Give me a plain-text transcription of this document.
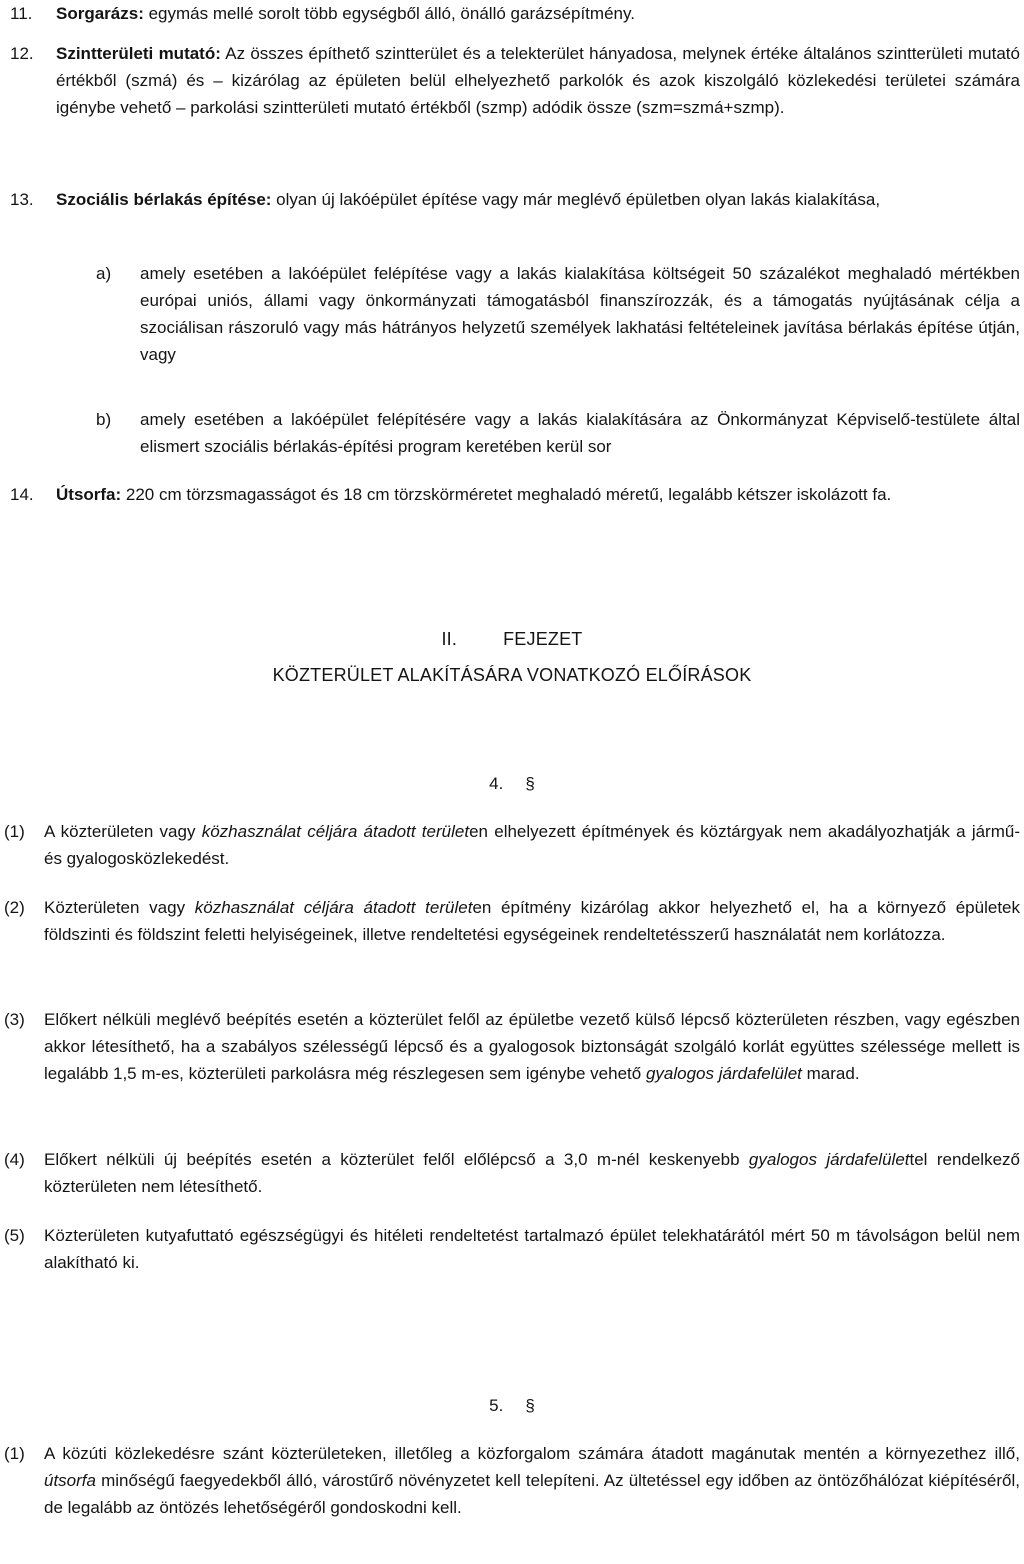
11. Sorgarázs: egymás mellé sorolt több egységből álló, önálló garázsépítmény.
12. Szintterületi mutató: Az összes építhető szintterület és a telekterület hányadosa, melynek értéke általános szintterületi mutató értékből (szmá) és – kizárólag az épületen belül elhelyezhető parkolók és azok kiszolgáló közlekedési területei számára igénybe vehető – parkolási szintterületi mutató értékből (szmp) adódik össze (szm=szmá+szmp).
13. Szociális bérlakás építése: olyan új lakóépület építése vagy már meglévő épületben olyan lakás kialakítása,
a) amely esetében a lakóépület felépítése vagy a lakás kialakítása költségeit 50 százalékot meghaladó mértékben európai uniós, állami vagy önkormányzati támogatásból finanszírozzák, és a támogatás nyújtásának célja a szociálisan rászoruló vagy más hátrányos helyzetű személyek lakhatási feltételeinek javítása bérlakás építése útján, vagy
b) amely esetében a lakóépület felépítésére vagy a lakás kialakítására az Önkormányzat Képviselő-testülete által elismert szociális bérlakás-építési program keretében kerül sor
14. Útsorfa: 220 cm törzsmagasságot és 18 cm törzskörméretet meghaladó méretű, legalább kétszer iskolázott fa.
II.	FEJEZET
KÖZTERÜLET ALAKÍTÁSÁRA VONATKOZÓ ELŐÍRÁSOK
4. §
(1) A közterületen vagy közhasználat céljára átadott területen elhelyezett építmények és köztárgyak nem akadályozhatják a jármű- és gyalogosközlekedést.
(2) Közterületen vagy közhasználat céljára átadott területen építmény kizárólag akkor helyezhető el, ha a környező épületek földszinti és földszint feletti helyiségeinek, illetve rendeltetési egységeinek rendeltetésszerű használatát nem korlátozza.
(3) Előkert nélküli meglévő beépítés esetén a közterület felől az épületbe vezető külső lépcső közterületen részben, vagy egészben akkor létesíthető, ha a szabályos szélességű lépcső és a gyalogosok biztonságát szolgáló korlát együttes szélessége mellett is legalább 1,5 m-es, közterületi parkolásra még részlegesen sem igénybe vehető gyalogos járdafelület marad.
(4) Előkert nélküli új beépítés esetén a közterület felől előlépcső a 3,0 m-nél keskenyebb gyalogos járdafelülettel rendelkező közterületen nem létesíthető.
(5) Közterületen kutyafuttató egészségügyi és hitéleti rendeltetést tartalmazó épület telekhatárától mért 50 m távolságon belül nem alakítható ki.
5. §
(1) A közúti közlekedésre szánt közterületeken, illetőleg a közforgalom számára átadott magánutak mentén a környezethez illő, útsorfa minőségű faegyedekből álló, várostűrő növényzetet kell telepíteni. Az ültetéssel egy időben az öntözőhálózat kiépítéséről, de legalább az öntözés lehetőségéről gondoskodni kell.
